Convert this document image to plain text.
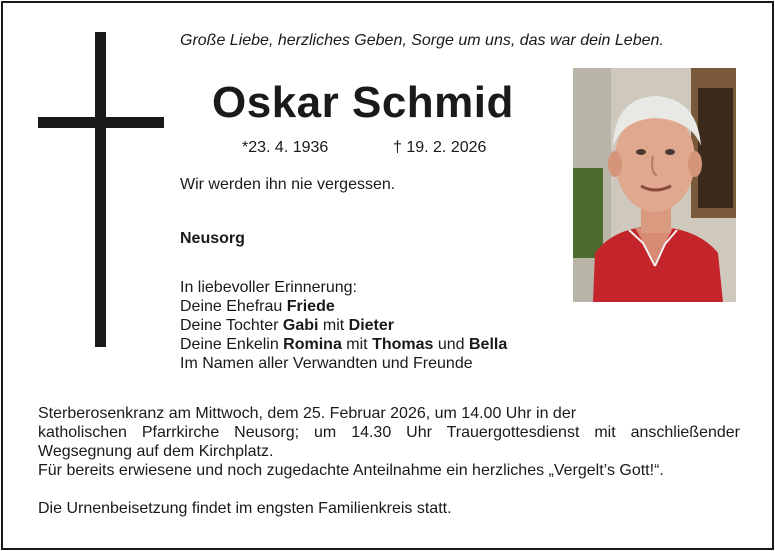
Große Liebe, herzliches Geben, Sorge um uns, das war dein Leben.
Oskar Schmid
*23. 4. 1936	† 19. 2. 2026
Wir werden ihn nie vergessen.
Neusorg
In liebevoller Erinnerung:
Deine Ehefrau Friede
Deine Tochter Gabi mit Dieter
Deine Enkelin Romina mit Thomas und Bella
Im Namen aller Verwandten und Freunde
Sterberosenkranz am Mittwoch, dem 25. Februar 2026, um 14.00 Uhr in der
katholischen Pfarrkirche Neusorg; um 14.30 Uhr Trauergottesdienst mit anschließender
Wegsegnung auf dem Kirchplatz.
Für bereits erwiesene und noch zugedachte Anteilnahme ein herzliches „Vergelt’s Gott!“.
Die Urnenbeisetzung findet im engsten Familienkreis statt.
